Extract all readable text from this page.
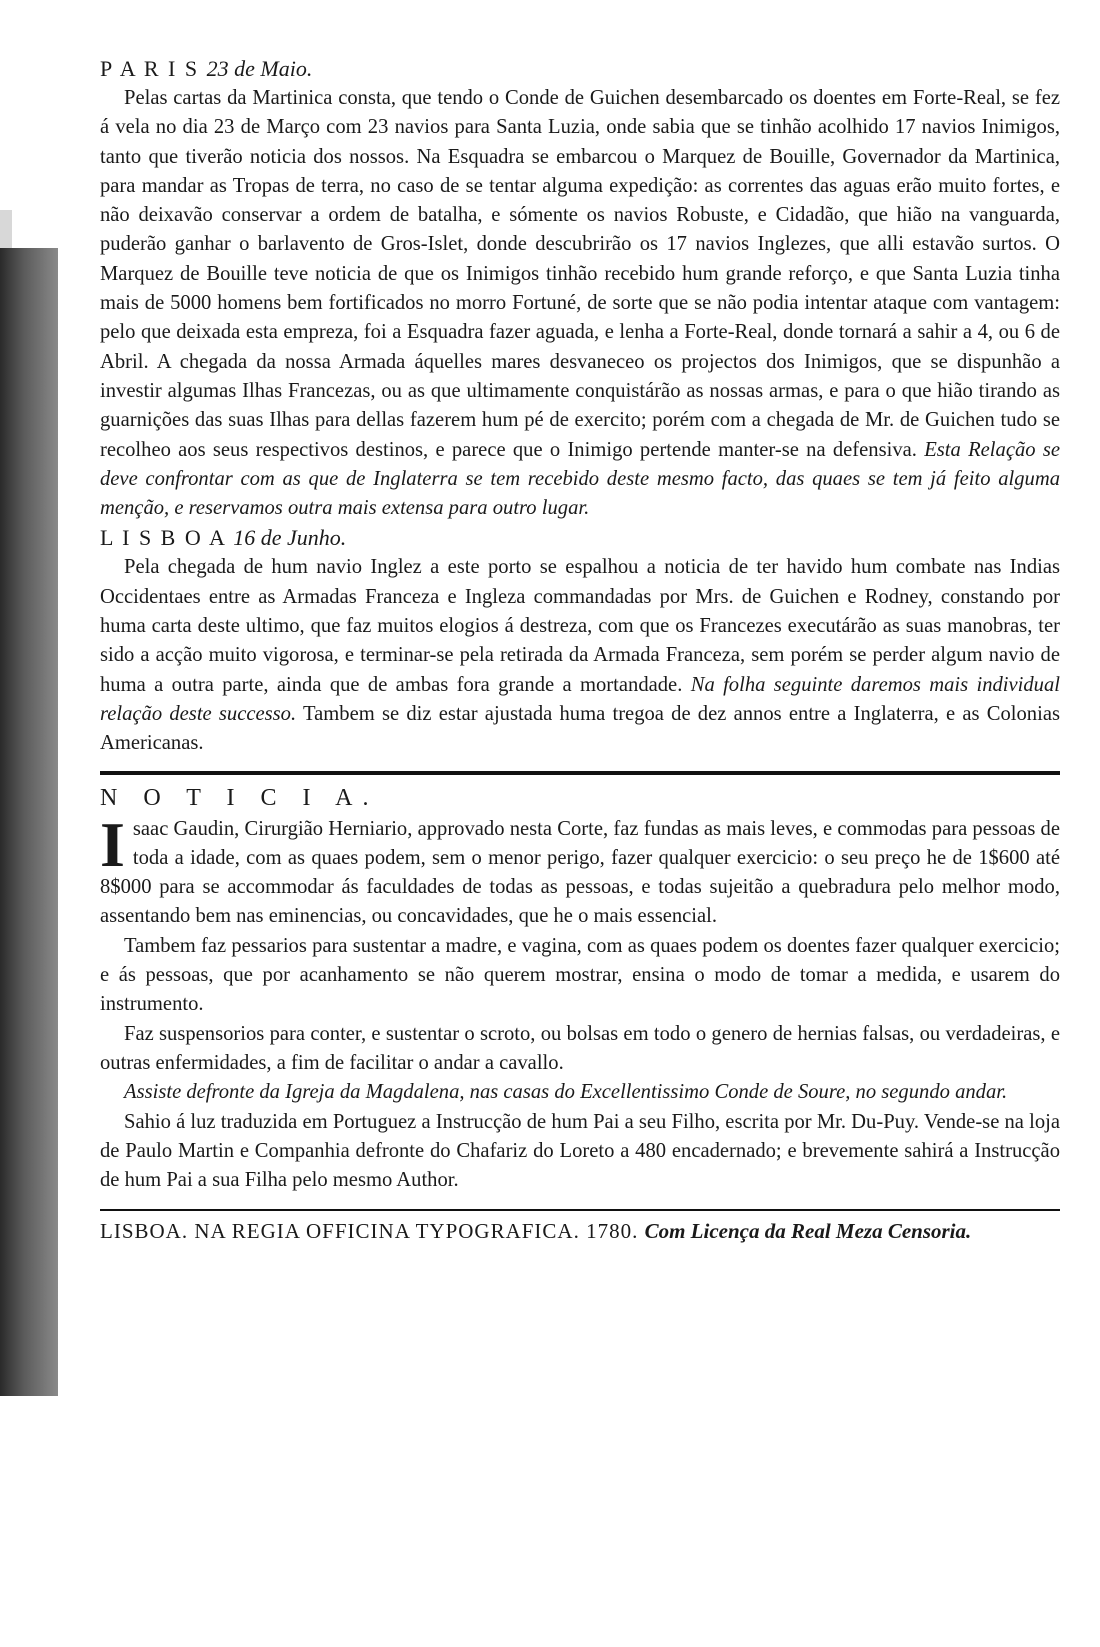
P A R I S 23 de Maio.

Pelas cartas da Martinica consta, que tendo o Conde de Guichen desembarcado os doentes em Forte-Real, se fez á vela no dia 23 de Março com 23 navios para Santa Luzia, onde sabia que se tinhão acolhido 17 navios Inimigos, tanto que tiverão noticia dos nossos. Na Esquadra se embarcou o Marquez de Bouille, Governador da Martinica, para mandar as Tropas de terra, no caso de se tentar alguma expedição: as correntes das aguas erão muito fortes, e não deixavão conservar a ordem de batalha, e sómente os navios Robuste, e Cidadão, que hião na vanguarda, puderão ganhar o barlavento de Gros-Islet, donde descubrirão os 17 navios Inglezes, que alli estavão surtos. O Marquez de Bouille teve noticia de que os Inimigos tinhão recebido hum grande reforço, e que Santa Luzia tinha mais de 5000 homens bem fortificados no morro Fortuné, de sorte que se não podia intentar ataque com vantagem: pelo que deixada esta empreza, foi a Esquadra fazer aguada, e lenha a Forte-Real, donde tornará a sahir a 4, ou 6 de Abril. A chegada da nossa Armada áquelles mares desvaneceo os projectos dos Inimigos, que se dispunhão a investir algumas Ilhas Francezas, ou as que ultimamente conquistárão as nossas armas, e para o que hião tirando as guarnições das suas Ilhas para dellas fazerem hum pé de exercito; porém com a chegada de Mr. de Guichen tudo se recolheo aos seus respectivos destinos, e parece que o Inimigo pertende manter-se na defensiva. Esta Relação se deve confrontar com as que de Inglaterra se tem recebido deste mesmo facto, das quaes se tem já feito alguma menção, e reservamos outra mais extensa para outro lugar.

L I S B O A 16 de Junho.

Pela chegada de hum navio Inglez a este porto se espalhou a noticia de ter havido hum combate nas Indias Occidentaes entre as Armadas Franceza e Ingleza commandadas por Mrs. de Guichen e Rodney, constando por huma carta deste ultimo, que faz muitos elogios á destreza, com que os Francezes executárão as suas manobras, ter sido a acção muito vigorosa, e terminar-se pela retirada da Armada Franceza, sem porém se perder algum navio de huma a outra parte, ainda que de ambas fora grande a mortandade. Na folha seguinte daremos mais individual relação deste successo. Tambem se diz estar ajustada huma tregoa de dez annos entre a Inglaterra, e as Colonias Americanas.

N O T I C I A.

I saac Gaudin, Cirurgião Herniario, approvado nesta Corte, faz fundas as mais leves, e commodas para pessoas de toda a idade, com as quaes podem, sem o menor perigo, fazer qualquer exercicio: o seu preço he de 1$600 até 8$000 para se accommodar ás faculdades de todas as pessoas, e todas sujeitão a quebradura pelo melhor modo, assentando bem nas eminencias, ou concavidades, que he o mais essencial.

Tambem faz pessarios para sustentar a madre, e vagina, com as quaes podem os doentes fazer qualquer exercicio; e ás pessoas, que por acanhamento se não querem mostrar, ensina o modo de tomar a medida, e usarem do instrumento.

Faz suspensorios para conter, e sustentar o scroto, ou bolsas em todo o genero de hernias falsas, ou verdadeiras, e outras enfermidades, a fim de facilitar o andar a cavallo.

Assiste defronte da Igreja da Magdalena, nas casas do Excellentissimo Conde de Soure, no segundo andar.

Sahio á luz traduzida em Portuguez a Instrucção de hum Pai a seu Filho, escrita por Mr. Du-Puy. Vende-se na loja de Paulo Martin e Companhia defronte do Chafariz do Loreto a 480 encadernado; e brevemente sahirá a Instrucção de hum Pai a sua Filha pelo mesmo Author.

LISBOA. NA REGIA OFFICINA TYPOGRAFICA. 1780. Com Licença da Real Meza Censoria.
